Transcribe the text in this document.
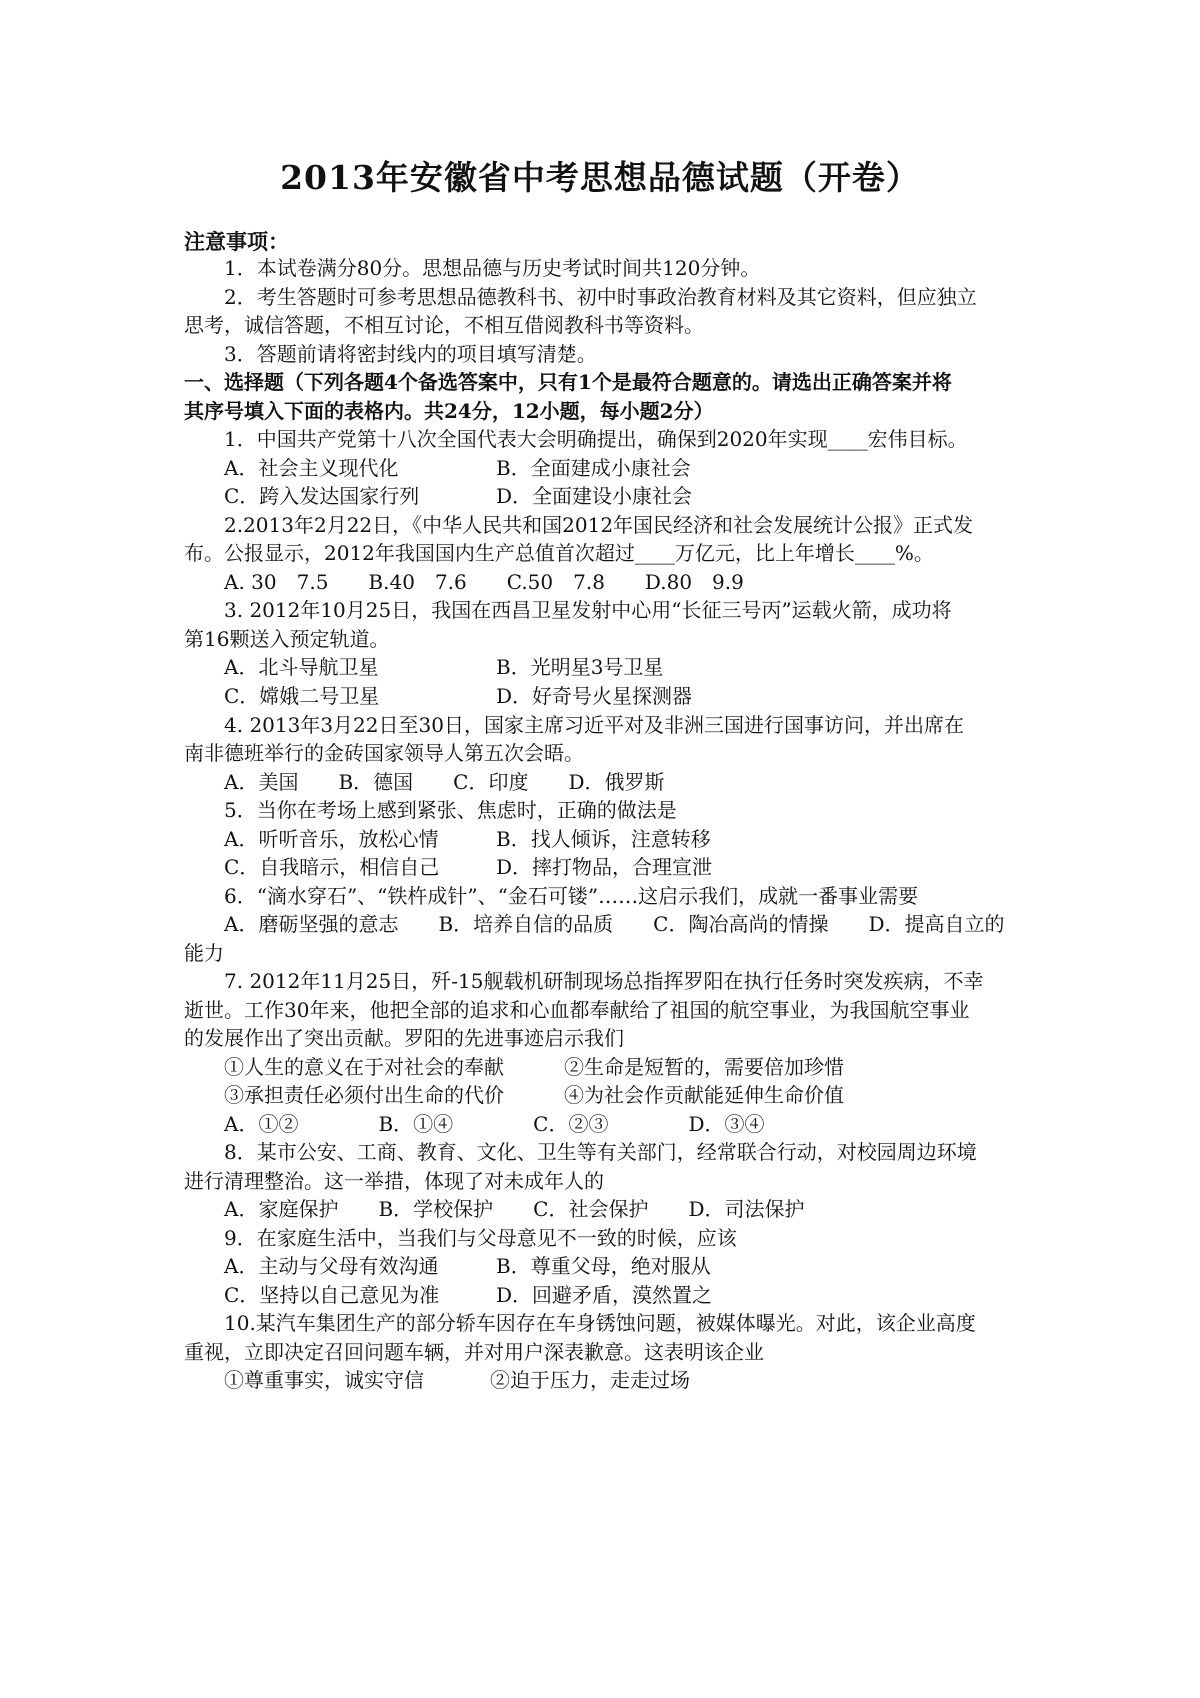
2013年安徽省中考思想品德试题（开卷）
注意事项：
1．本试卷满分80分。思想品德与历史考试时间共120分钟。
2．考生答题时可参考思想品德教科书、初中时事政治教育材料及其它资料，但应独立
思考，诚信答题，不相互讨论，不相互借阅教科书等资料。
3．答题前请将密封线内的项目填写清楚。
一、选择题（下列各题4个备选答案中，只有1个是最符合题意的。请选出正确答案并将
其序号填入下面的表格内。共24分，12小题，每小题2分）
1．中国共产党第十八次全国代表大会明确提出，确保到2020年实现____宏伟目标。
A．社会主义现代化	B．全面建成小康社会
C．跨入发达国家行列	D．全面建设小康社会
2.2013年2月22日，《中华人民共和国2012年国民经济和社会发展统计公报》正式发
布。公报显示，2012年我国国内生产总值首次超过____万亿元，比上年增长____%。
A. 30　7.5　　B.40　7.6　　C.50　7.8　　D.80　9.9
3. 2012年10月25日，我国在西昌卫星发射中心用“长征三号丙”运载火箭，成功将
第16颗送入预定轨道。
A．北斗导航卫星	B．光明星3号卫星
C．嫦娥二号卫星	D．好奇号火星探测器
4. 2013年3月22日至30日，国家主席习近平对及非洲三国进行国事访问，并出席在
南非德班举行的金砖国家领导人第五次会晤。
A．美国　　B．德国　　C．印度　　D．俄罗斯
5．当你在考场上感到紧张、焦虑时，正确的做法是
A．听听音乐，放松心情	B．找人倾诉，注意转移
C．自我暗示，相信自己	D．摔打物品，合理宣泄
6．“滴水穿石”、“铁杵成针”、“金石可镂”……这启示我们，成就一番事业需要
A．磨砺坚强的意志　　B．培养自信的品质　　C．陶冶高尚的情操　　D．提高自立的
能力
7. 2012年11月25日，歼-15舰载机研制现场总指挥罗阳在执行任务时突发疾病，不幸
逝世。工作30年来，他把全部的追求和心血都奉献给了祖国的航空事业，为我国航空事业
的发展作出了突出贡献。罗阳的先进事迹启示我们
①人生的意义在于对社会的奉献	②生命是短暂的，需要倍加珍惜
③承担责任必须付出生命的代价	④为社会作贡献能延伸生命价值
A．①②　　　　B．①④　　　　C．②③　　　　D．③④
8．某市公安、工商、教育、文化、卫生等有关部门，经常联合行动，对校园周边环境
进行清理整治。这一举措，体现了对未成年人的
A．家庭保护　　B．学校保护　　C．社会保护　　D．司法保护
9．在家庭生活中，当我们与父母意见不一致的时候，应该
A．主动与父母有效沟通	B．尊重父母，绝对服从
C．坚持以自己意见为准	D．回避矛盾，漠然置之
10.某汽车集团生产的部分轿车因存在车身锈蚀问题，被媒体曝光。对此，该企业高度
重视，立即决定召回问题车辆，并对用户深表歉意。这表明该企业
①尊重事实，诚实守信	②迫于压力，走走过场
